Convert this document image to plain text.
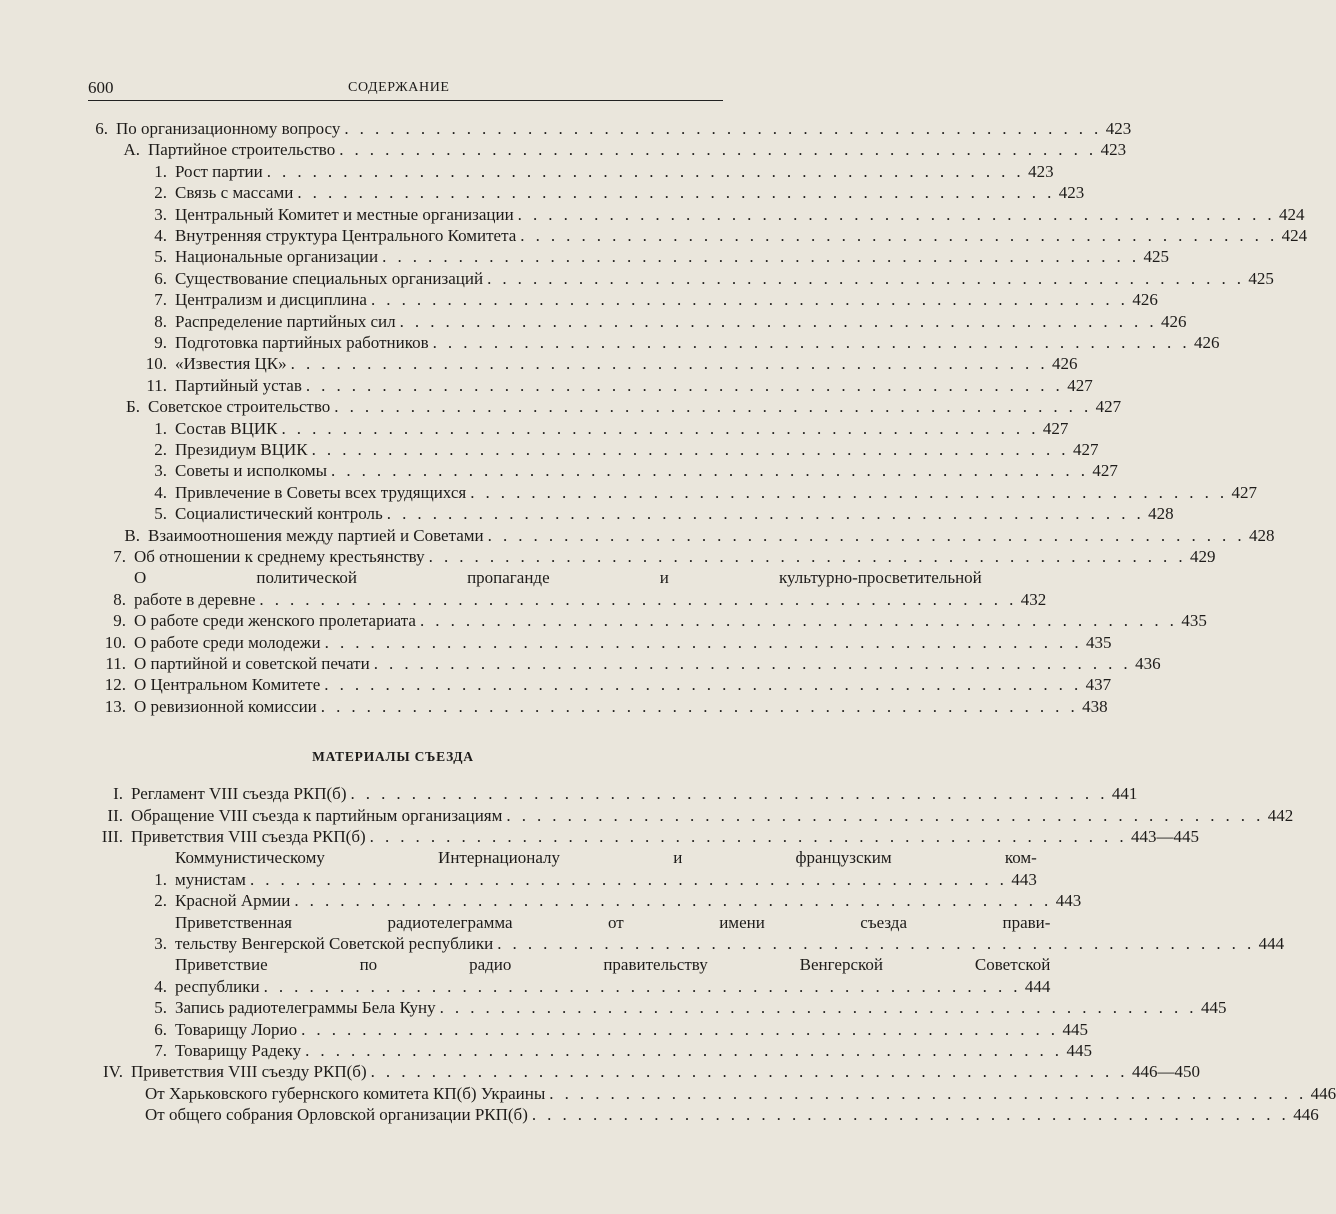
600	СОДЕРЖАНИЕ
6. По организационному вопросу . . . . . . . . . . . . . . . . . . . . . . . . . . . . . . . . . . . . . . . . . . . . . . . . . . 423
А. Партийное строительство . . . . . . . . . . . . . . . . . . . . . . . . . . . . . . . . . . . . . . . . . . . . . . . . . . 423
1. Рост партии . . . . . . . . . . . . . . . . . . . . . . . . . . . . . . . . . . . . . . . . . . . . . . . . . . 423
2. Связь с массами . . . . . . . . . . . . . . . . . . . . . . . . . . . . . . . . . . . . . . . . . . . . . . . . . . 423
3. Центральный Комитет и местные организации . . . . . . . . . . . . . . . . . . . . . . . . . . . . . . . . . . . . . . . . . . . . . . . . . . 424
4. Внутренняя структура Центрального Комитета . . . . . . . . . . . . . . . . . . . . . . . . . . . . . . . . . . . . . . . . . . . . . . . . . . 424
5. Национальные организации . . . . . . . . . . . . . . . . . . . . . . . . . . . . . . . . . . . . . . . . . . . . . . . . . . 425
6. Существование специальных организаций . . . . . . . . . . . . . . . . . . . . . . . . . . . . . . . . . . . . . . . . . . . . . . . . . . 425
7. Централизм и дисциплина . . . . . . . . . . . . . . . . . . . . . . . . . . . . . . . . . . . . . . . . . . . . . . . . . . 426
8. Распределение партийных сил . . . . . . . . . . . . . . . . . . . . . . . . . . . . . . . . . . . . . . . . . . . . . . . . . . 426
9. Подготовка партийных работников . . . . . . . . . . . . . . . . . . . . . . . . . . . . . . . . . . . . . . . . . . . . . . . . . . 426
10. «Известия ЦК» . . . . . . . . . . . . . . . . . . . . . . . . . . . . . . . . . . . . . . . . . . . . . . . . . . 426
11. Партийный устав . . . . . . . . . . . . . . . . . . . . . . . . . . . . . . . . . . . . . . . . . . . . . . . . . . 427
Б. Советское строительство . . . . . . . . . . . . . . . . . . . . . . . . . . . . . . . . . . . . . . . . . . . . . . . . . . 427
1. Состав ВЦИК . . . . . . . . . . . . . . . . . . . . . . . . . . . . . . . . . . . . . . . . . . . . . . . . . . 427
2. Президиум ВЦИК . . . . . . . . . . . . . . . . . . . . . . . . . . . . . . . . . . . . . . . . . . . . . . . . . . 427
3. Советы и исполкомы . . . . . . . . . . . . . . . . . . . . . . . . . . . . . . . . . . . . . . . . . . . . . . . . . . 427
4. Привлечение в Советы всех трудящихся . . . . . . . . . . . . . . . . . . . . . . . . . . . . . . . . . . . . . . . . . . . . . . . . . . 427
5. Социалистический контроль . . . . . . . . . . . . . . . . . . . . . . . . . . . . . . . . . . . . . . . . . . . . . . . . . . 428
В. Взаимоотношения между партией и Советами . . . . . . . . . . . . . . . . . . . . . . . . . . . . . . . . . . . . . . . . . . . . . . . . . . 428
7. Об отношении к среднему крестьянству . . . . . . . . . . . . . . . . . . . . . . . . . . . . . . . . . . . . . . . . . . . . . . . . . . 429
8.
О политической пропаганде и культурно-просветительной
работе в деревне . . . . . . . . . . . . . . . . . . . . . . . . . . . . . . . . . . . . . . . . . . . . . . . . . . 432
9. О работе среди женского пролетариата . . . . . . . . . . . . . . . . . . . . . . . . . . . . . . . . . . . . . . . . . . . . . . . . . . 435
10. О работе среди молодежи . . . . . . . . . . . . . . . . . . . . . . . . . . . . . . . . . . . . . . . . . . . . . . . . . . 435
11. О партийной и советской печати . . . . . . . . . . . . . . . . . . . . . . . . . . . . . . . . . . . . . . . . . . . . . . . . . . 436
12. О Центральном Комитете . . . . . . . . . . . . . . . . . . . . . . . . . . . . . . . . . . . . . . . . . . . . . . . . . . 437
13. О ревизионной комиссии . . . . . . . . . . . . . . . . . . . . . . . . . . . . . . . . . . . . . . . . . . . . . . . . . . 438
МАТЕРИАЛЫ СЪЕЗДА
I. Регламент VIII съезда РКП(б) . . . . . . . . . . . . . . . . . . . . . . . . . . . . . . . . . . . . . . . . . . . . . . . . . . 441
II. Обращение VIII съезда к партийным организациям . . . . . . . . . . . . . . . . . . . . . . . . . . . . . . . . . . . . . . . . . . . . . . . . . . 442
III. Приветствия VIII съезда РКП(б) . . . . . . . . . . . . . . . . . . . . . . . . . . . . . . . . . . . . . . . . . . . . . . . . . . 443—445
1.
Коммунистическому Интернационалу и французским ком-
мунистам . . . . . . . . . . . . . . . . . . . . . . . . . . . . . . . . . . . . . . . . . . . . . . . . . . 443
2. Красной Армии . . . . . . . . . . . . . . . . . . . . . . . . . . . . . . . . . . . . . . . . . . . . . . . . . . 443
3.
Приветственная радиотелеграмма от имени съезда прави-
тельству Венгерской Советской республики . . . . . . . . . . . . . . . . . . . . . . . . . . . . . . . . . . . . . . . . . . . . . . . . . . 444
4.
Приветствие по радио правительству Венгерской Советской
республики . . . . . . . . . . . . . . . . . . . . . . . . . . . . . . . . . . . . . . . . . . . . . . . . . . 444
5. Запись радиотелеграммы Бела Куну . . . . . . . . . . . . . . . . . . . . . . . . . . . . . . . . . . . . . . . . . . . . . . . . . . 445
6. Товарищу Лорио . . . . . . . . . . . . . . . . . . . . . . . . . . . . . . . . . . . . . . . . . . . . . . . . . . 445
7. Товарищу Радеку . . . . . . . . . . . . . . . . . . . . . . . . . . . . . . . . . . . . . . . . . . . . . . . . . . 445
IV. Приветствия VIII съезду РКП(б) . . . . . . . . . . . . . . . . . . . . . . . . . . . . . . . . . . . . . . . . . . . . . . . . . . 446—450
От Харьковского губернского комитета КП(б) Украины . . . . . . . . . . . . . . . . . . . . . . . . . . . . . . . . . . . . . . . . . . . . . . . . . . 446
От общего собрания Орловской организации РКП(б) . . . . . . . . . . . . . . . . . . . . . . . . . . . . . . . . . . . . . . . . . . . . . . . . . . 446
